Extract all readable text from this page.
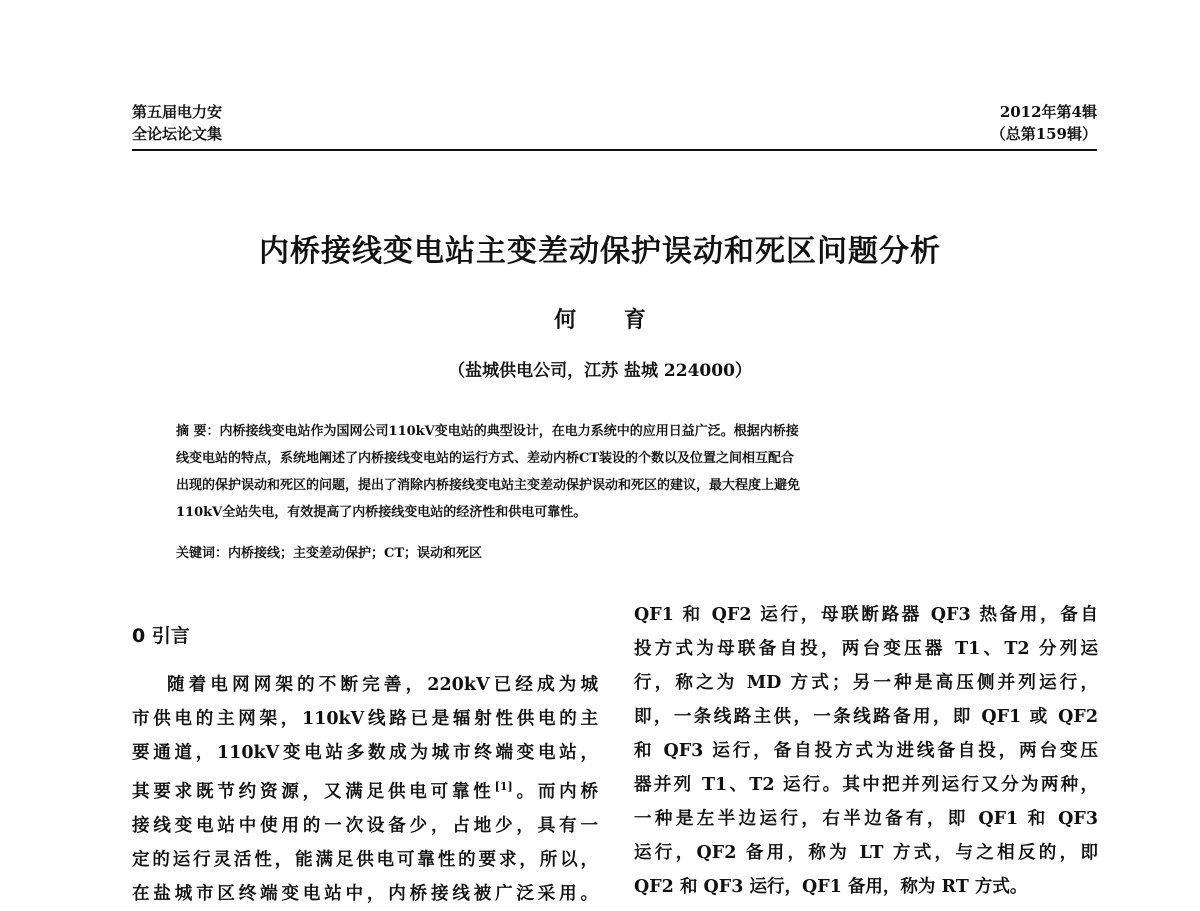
第五届电力安
全论坛论文集
2012年第4辑
（总第159辑）
内桥接线变电站主变差动保护误动和死区问题分析
何 育
（盐城供电公司，江苏 盐城 224000）
摘 要：内桥接线变电站作为国网公司110kV变电站的典型设计，在电力系统中的应用日益广泛。根据内桥接
线变电站的特点，系统地阐述了内桥接线变电站的运行方式、差动内桥CT装设的个数以及位置之间相互配合
出现的保护误动和死区的问题，提出了消除内桥接线变电站主变差动保护误动和死区的建议，最大程度上避免
110kV全站失电，有效提高了内桥接线变电站的经济性和供电可靠性。
关键词：内桥接线；主变差动保护；CT；误动和死区
0 引言
随着电网网架的不断完善，220kV已经成为城
市供电的主网架，110kV线路已是辐射性供电的主
要通道，110kV变电站多数成为城市终端变电站，
其要求既节约资源，又满足供电可靠性[1]。而内桥
接线变电站中使用的一次设备少，占地少，具有一
定的运行灵活性，能满足供电可靠性的要求，所以，
在盐城市区终端变电站中，内桥接线被广泛采用。
QF1 和 QF2 运行，母联断路器 QF3 热备用，备自
投方式为母联备自投，两台变压器 T1、T2 分列运
行，称之为 MD 方式；另一种是高压侧并列运行，
即，一条线路主供，一条线路备用，即 QF1 或 QF2
和 QF3 运行，备自投方式为进线备自投，两台变压
器并列 T1、T2 运行。其中把并列运行又分为两种，
一种是左半边运行，右半边备有，即 QF1 和 QF3
运行，QF2 备用，称为 LT 方式，与之相反的，即
QF2 和 QF3 运行，QF1 备用，称为 RT 方式。
